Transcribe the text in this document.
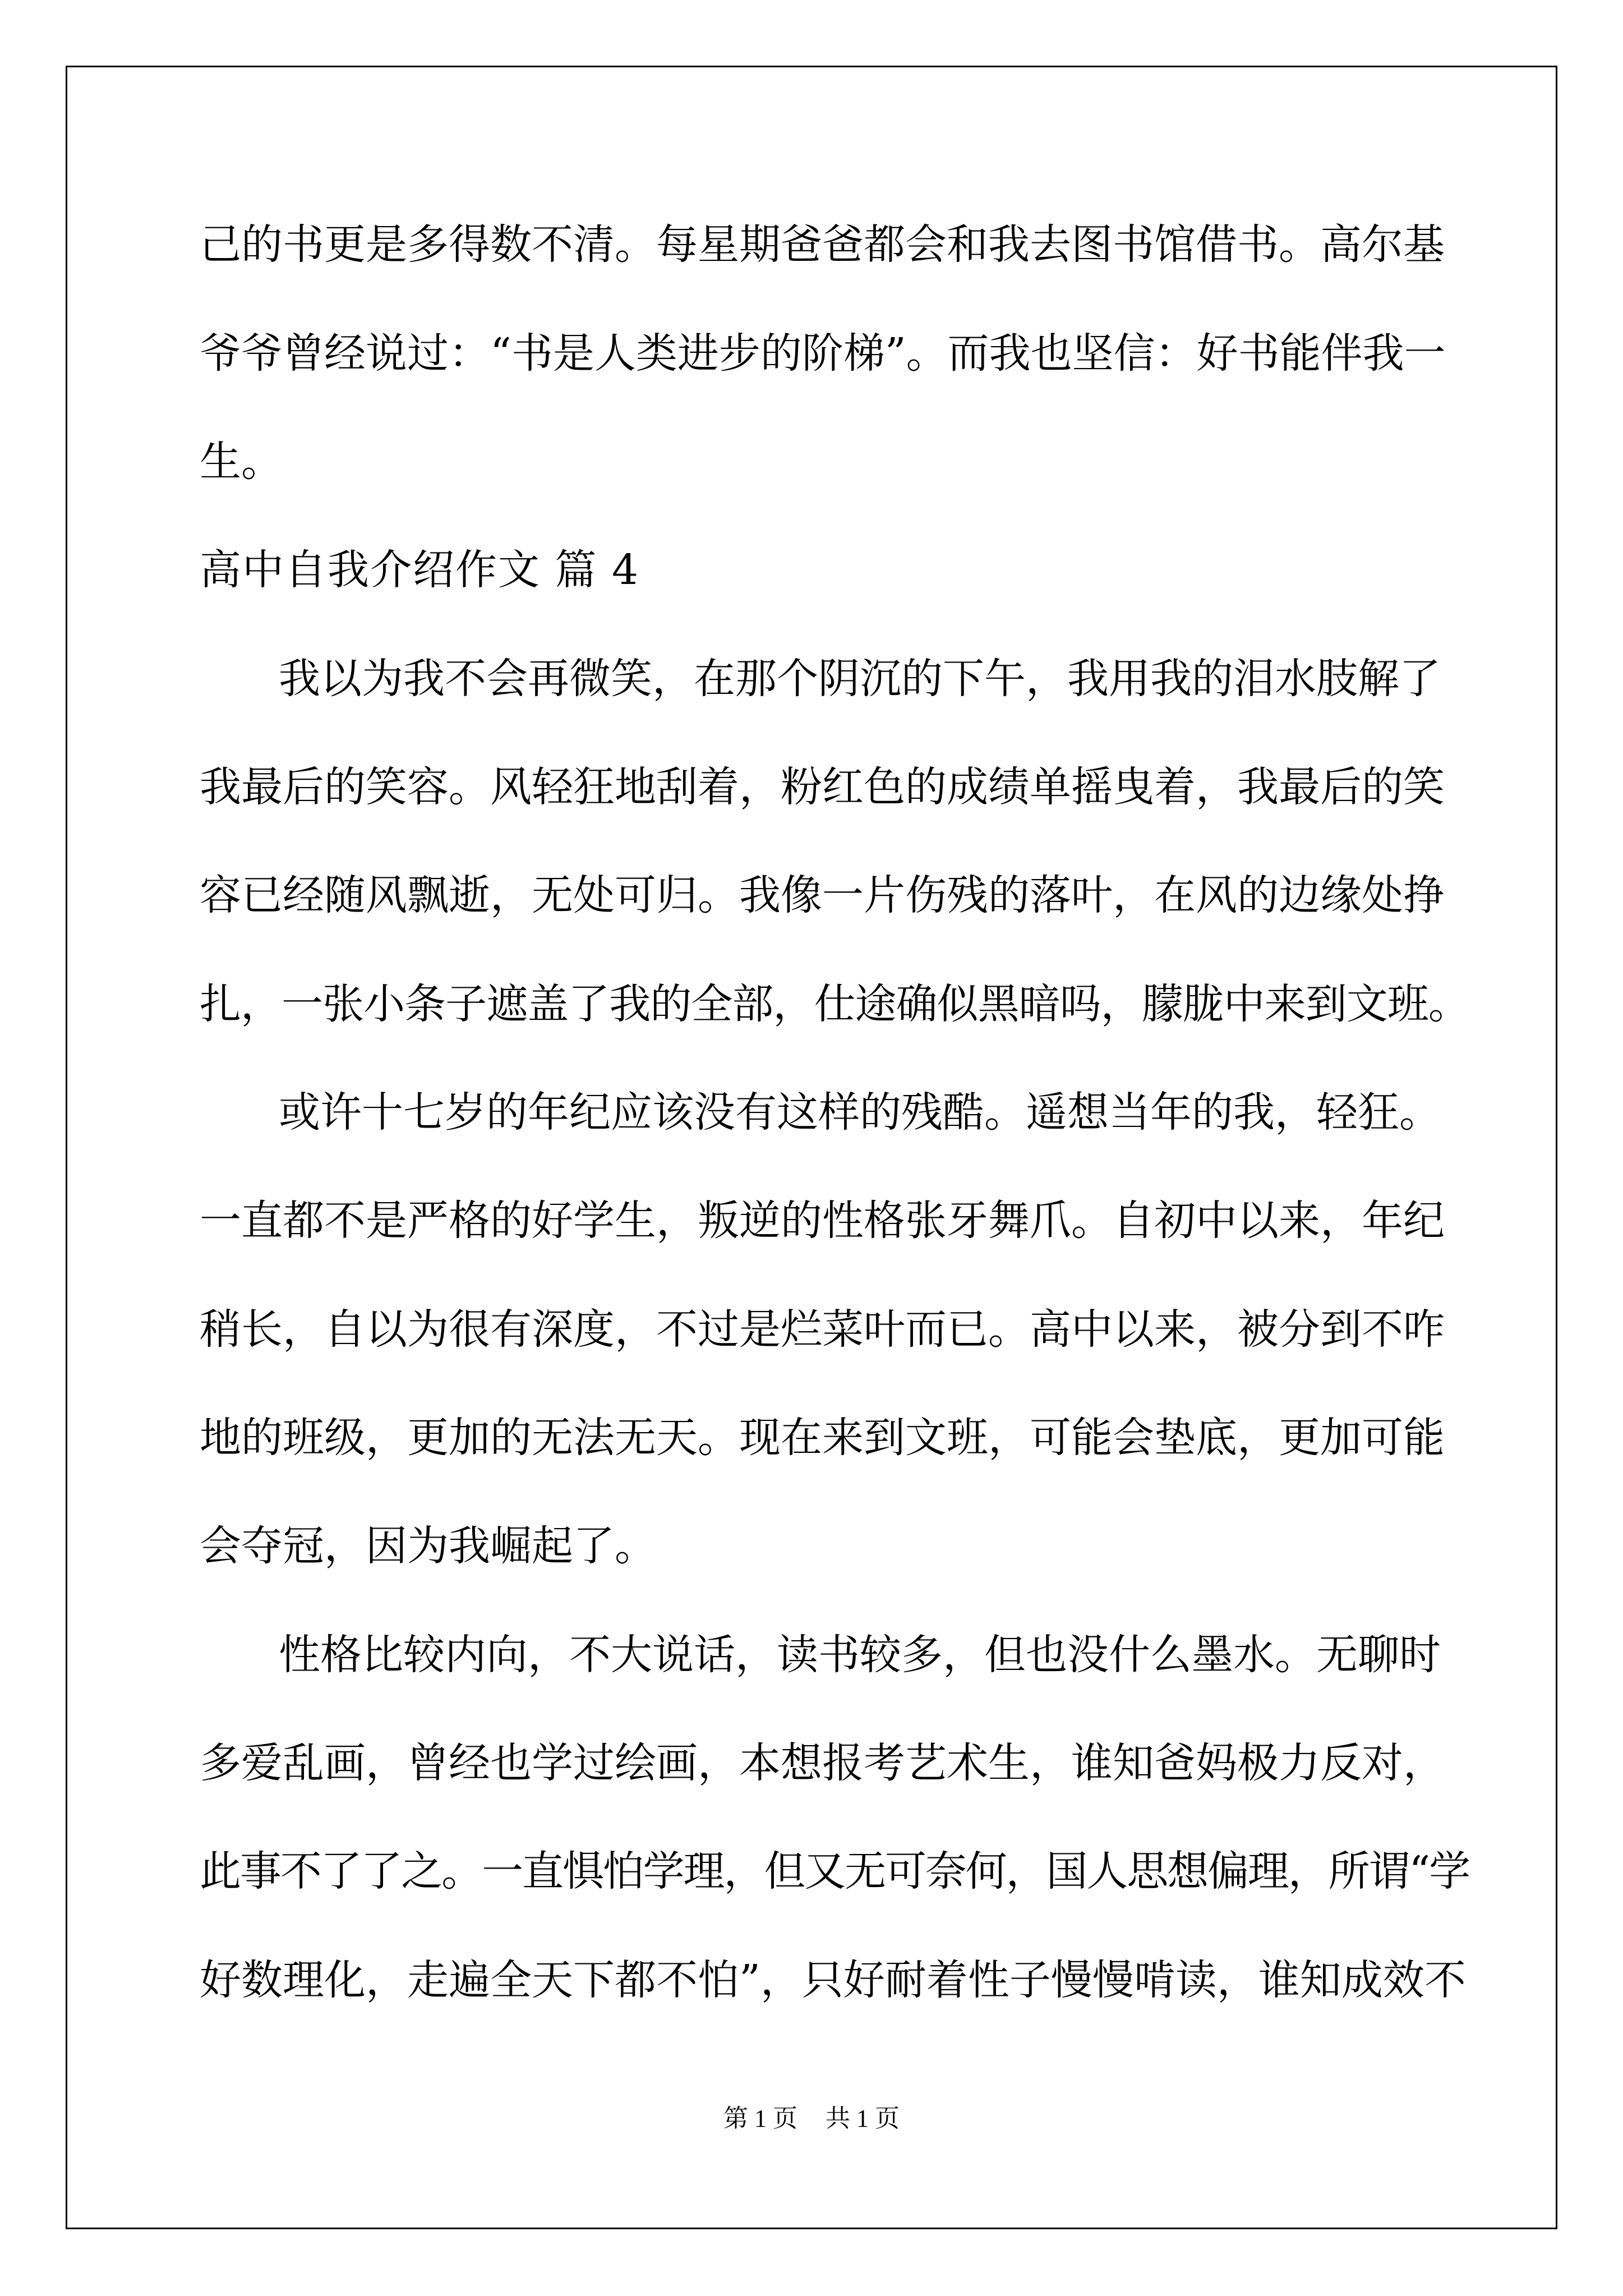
己的书更是多得数不清。每星期爸爸都会和我去图书馆借书。高尔基
爷爷曾经说过：“书是人类进步的阶梯”。而我也坚信：好书能伴我一
生。
高中自我介绍作文 篇 4
我以为我不会再微笑，在那个阴沉的下午，我用我的泪水肢解了
我最后的笑容。风轻狂地刮着，粉红色的成绩单摇曳着，我最后的笑
容已经随风飘逝，无处可归。我像一片伤残的落叶，在风的边缘处挣
扎，一张小条子遮盖了我的全部，仕途确似黑暗吗，朦胧中来到文班。
或许十七岁的年纪应该没有这样的残酷。遥想当年的我，轻狂。
一直都不是严格的好学生，叛逆的性格张牙舞爪。自初中以来，年纪
稍长，自以为很有深度，不过是烂菜叶而已。高中以来，被分到不咋
地的班级，更加的无法无天。现在来到文班，可能会垫底，更加可能
会夺冠，因为我崛起了。
性格比较内向，不大说话，读书较多，但也没什么墨水。无聊时
多爱乱画，曾经也学过绘画，本想报考艺术生，谁知爸妈极力反对，
此事不了了之。一直惧怕学理，但又无可奈何，国人思想偏理，所谓“学
好数理化，走遍全天下都不怕”，只好耐着性子慢慢啃读，谁知成效不
第 1 页 共 1 页
